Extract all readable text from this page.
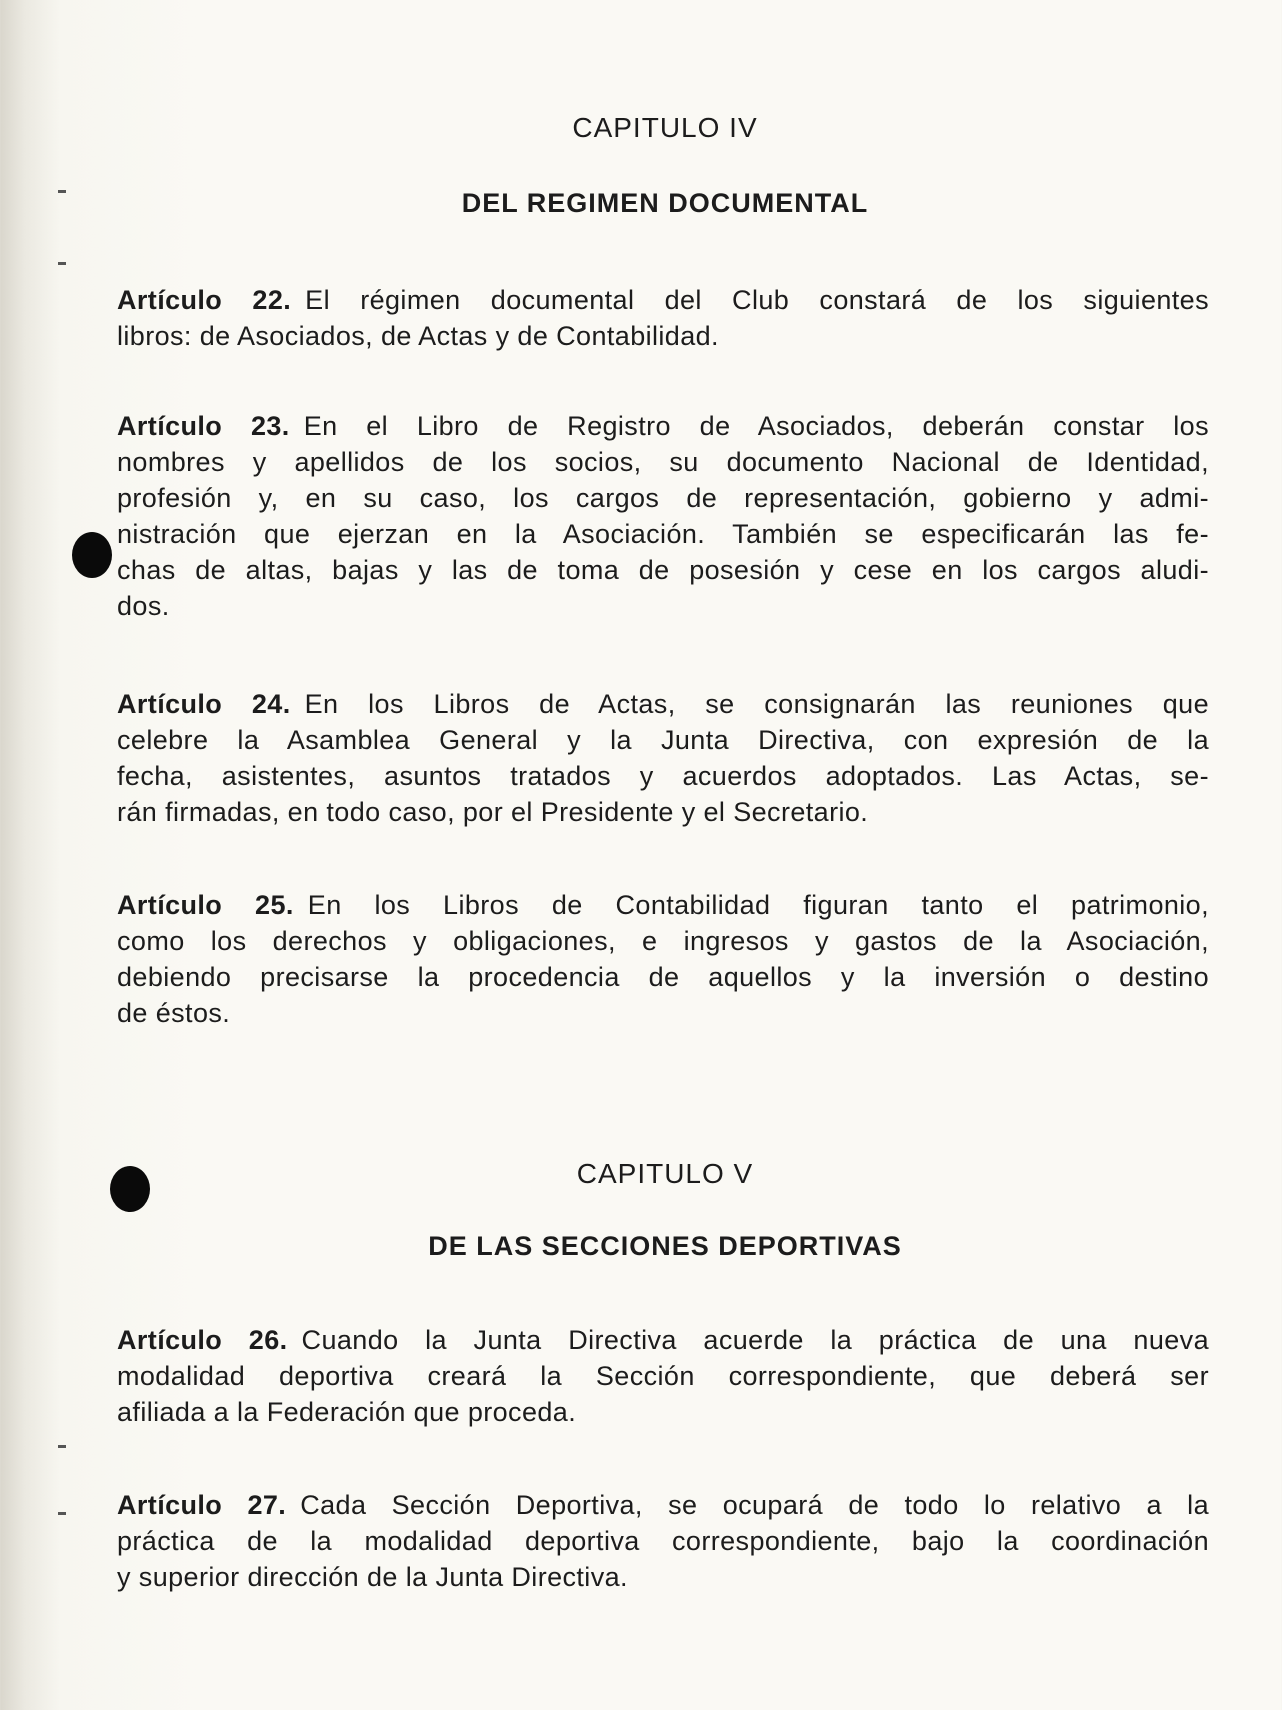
CAPITULO IV
DEL REGIMEN DOCUMENTAL
Artículo 22. El régimen documental del Club constará de los siguientes
libros: de Asociados, de Actas y de Contabilidad.
Artículo 23. En el Libro de Registro de Asociados, deberán constar los
nombres y apellidos de los socios, su documento Nacional de Identidad,
profesión y, en su caso, los cargos de representación, gobierno y admi-
nistración que ejerzan en la Asociación. También se especificarán las fe-
chas de altas, bajas y las de toma de posesión y cese en los cargos aludi-
dos.
Artículo 24. En los Libros de Actas, se consignarán las reuniones que
celebre la Asamblea General y la Junta Directiva, con expresión de la
fecha, asistentes, asuntos tratados y acuerdos adoptados. Las Actas, se-
rán firmadas, en todo caso, por el Presidente y el Secretario.
Artículo 25. En los Libros de Contabilidad figuran tanto el patrimonio,
como los derechos y obligaciones, e ingresos y gastos de la Asociación,
debiendo precisarse la procedencia de aquellos y la inversión o destino
de éstos.
CAPITULO V
DE LAS SECCIONES DEPORTIVAS
Artículo 26. Cuando la Junta Directiva acuerde la práctica de una nueva
modalidad deportiva creará la Sección correspondiente, que deberá ser
afiliada a la Federación que proceda.
Artículo 27. Cada Sección Deportiva, se ocupará de todo lo relativo a la
práctica de la modalidad deportiva correspondiente, bajo la coordinación
y superior dirección de la Junta Directiva.
